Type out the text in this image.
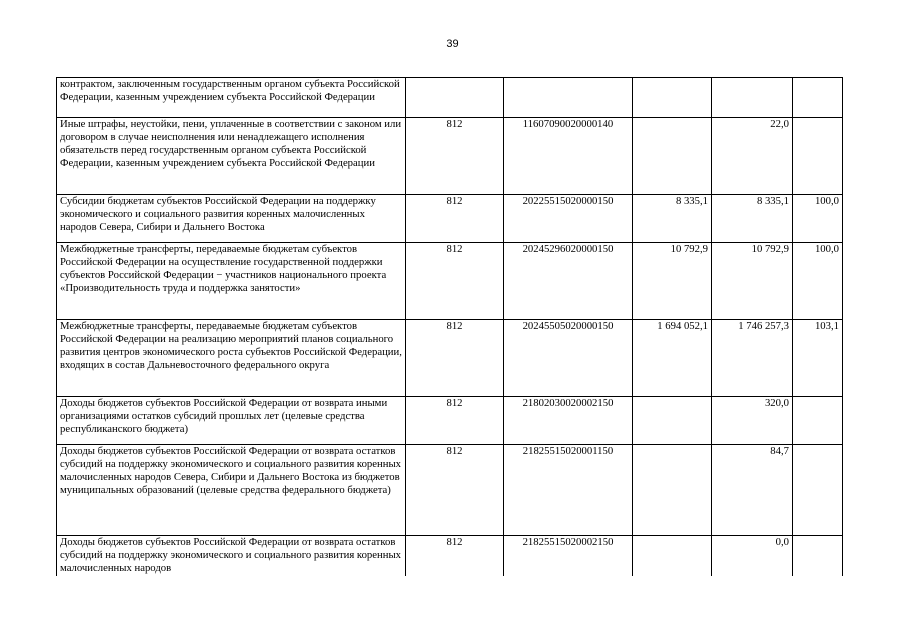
39
контрактом, заключенным государственным органом субъекта Российской Федерации, казенным учреждением субъекта Российской Федерации					
Иные штрафы, неустойки, пени, уплаченные в соответствии с законом или договором в случае неисполнения или ненадлежащего исполнения обязательств перед государственным органом субъекта Российской Федерации, казенным учреждением субъекта Российской Федерации	812	11607090020000140		22,0	
Субсидии бюджетам субъектов Российской Федерации на поддержку экономического и социального развития коренных малочисленных народов Севера, Сибири и Дальнего Востока	812	20225515020000150	8 335,1	8 335,1	100,0
Межбюджетные трансферты, передаваемые бюджетам субъектов Российской Федерации на осуществление государственной поддержки субъектов Российской Федерации − участников национального проекта «Производительность труда и поддержка занятости»	812	20245296020000150	10 792,9	10 792,9	100,0
Межбюджетные трансферты, передаваемые бюджетам субъектов Российской Федерации на реализацию мероприятий планов социального развития центров экономического роста субъектов Российской Федерации, входящих в состав Дальневосточного федерального округа	812	20245505020000150	1 694 052,1	1 746 257,3	103,1
Доходы бюджетов субъектов Российской Федерации от возврата иными организациями остатков субсидий прошлых лет (целевые средства республиканского бюджета)	812	21802030020002150		320,0	
Доходы бюджетов субъектов Российской Федерации от возврата остатков субсидий на поддержку экономического и социального развития коренных малочисленных народов Севера, Сибири и Дальнего Востока из бюджетов муниципальных образований (целевые средства федерального бюджета)	812	21825515020001150		84,7	
Доходы бюджетов субъектов Российской Федерации от возврата остатков субсидий на поддержку экономического и социального развития коренных малочисленных народов	812	21825515020002150		0,0	
